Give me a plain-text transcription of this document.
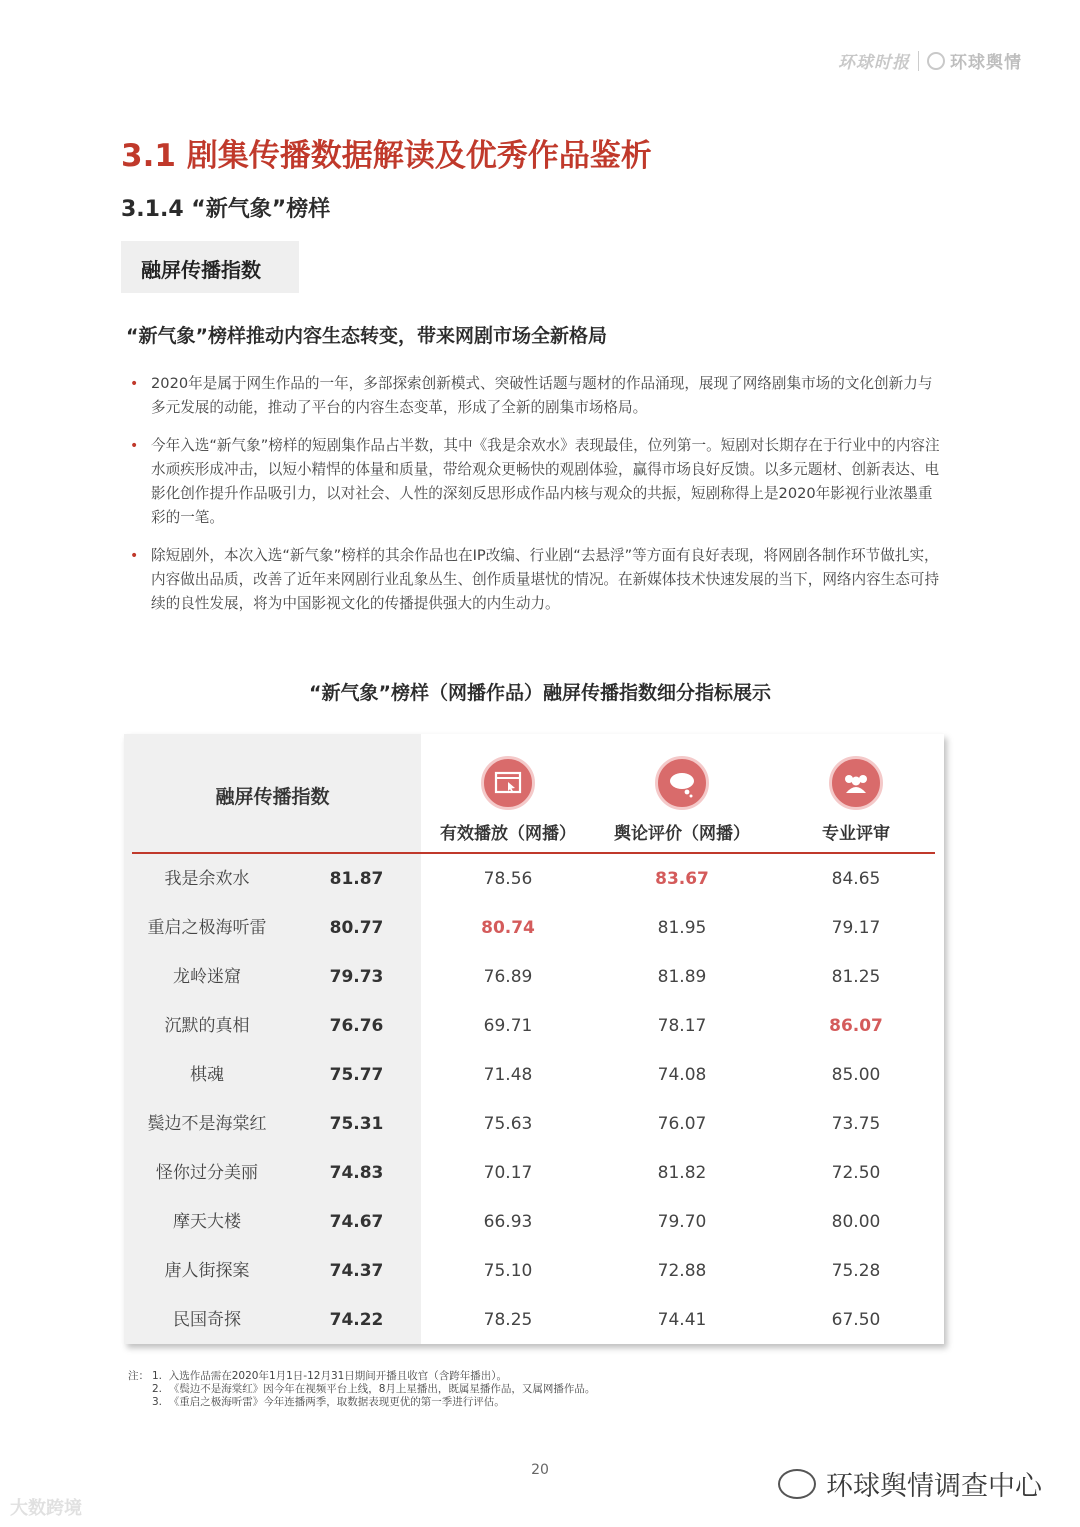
环球时报 环球舆情
3.1 剧集传播数据解读及优秀作品鉴析
3.1.4 “新气象”榜样
融屏传播指数
“新气象”榜样推动内容生态转变，带来网剧市场全新格局
• 2020年是属于网生作品的一年，多部探索创新模式、突破性话题与题材的作品涌现，展现了网络剧集市场的文化创新力与多元发展的动能，推动了平台的内容生态变革，形成了全新的剧集市场格局。
• 今年入选“新气象”榜样的短剧集作品占半数，其中《我是余欢水》表现最佳，位列第一。短剧对长期存在于行业中的内容注水顽疾形成冲击，以短小精悍的体量和质量，带给观众更畅快的观剧体验，赢得市场良好反馈。以多元题材、创新表达、电影化创作提升作品吸引力，以对社会、人性的深刻反思形成作品内核与观众的共振，短剧称得上是2020年影视行业浓墨重彩的一笔。
• 除短剧外，本次入选“新气象”榜样的其余作品也在IP改编、行业剧“去悬浮”等方面有良好表现，将网剧各制作环节做扎实，内容做出品质，改善了近年来网剧行业乱象丛生、创作质量堪忧的情况。在新媒体技术快速发展的当下，网络内容生态可持续的良性发展，将为中国影视文化的传播提供强大的内生动力。
“新气象”榜样（网播作品）融屏传播指数细分指标展示
融屏传播指数
有效播放（网播）	舆论评价（网播）	专业评审
我是余欢水	81.87	78.56	83.67	84.65
重启之极海听雷	80.77	80.74	81.95	79.17
龙岭迷窟	79.73	76.89	81.89	81.25
沉默的真相	76.76	69.71	78.17	86.07
棋魂	75.77	71.48	74.08	85.00
鬓边不是海棠红	75.31	75.63	76.07	73.75
怪你过分美丽	74.83	70.17	81.82	72.50
摩天大楼	74.67	66.93	79.70	80.00
唐人街探案	74.37	75.10	72.88	75.28
民国奇探	74.22	78.25	74.41	67.50
注： 1. 入选作品需在2020年1月1日-12月31日期间开播且收官（含跨年播出）。
2. 《鬓边不是海棠红》因今年在视频平台上线，8月上星播出，既属星播作品，又属网播作品。
3. 《重启之极海听雷》今年连播两季，取数据表现更优的第一季进行评估。
20
大数跨境
环球舆情调查中心
